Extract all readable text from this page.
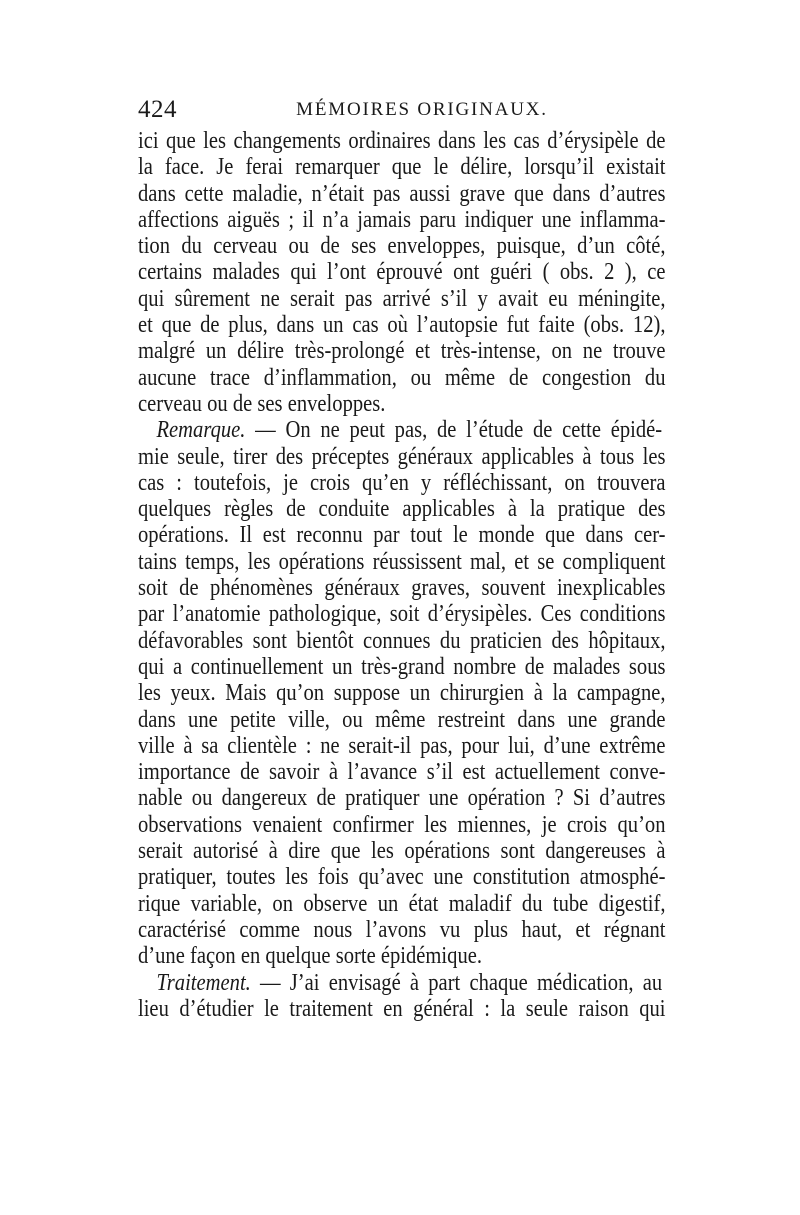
424	MÉMOIRES ORIGINAUX.
ici que les changements ordinaires dans les cas d’érysipèle de
la face. Je ferai remarquer que le délire, lorsqu’il existait
dans cette maladie, n’était pas aussi grave que dans d’autres
affections aiguës ; il n’a jamais paru indiquer une inflamma-
tion du cerveau ou de ses enveloppes, puisque, d’un côté,
certains malades qui l’ont éprouvé ont guéri ( obs. 2 ), ce
qui sûrement ne serait pas arrivé s’il y avait eu méningite,
et que de plus, dans un cas où l’autopsie fut faite (obs. 12),
malgré un délire très-prolongé et très-intense, on ne trouve
aucune trace d’inflammation, ou même de congestion du
cerveau ou de ses enveloppes.
Remarque. — On ne peut pas, de l’étude de cette épidé-
mie seule, tirer des préceptes généraux applicables à tous les
cas : toutefois, je crois qu’en y réfléchissant, on trouvera
quelques règles de conduite applicables à la pratique des
opérations. Il est reconnu par tout le monde que dans cer-
tains temps, les opérations réussissent mal, et se compliquent
soit de phénomènes généraux graves, souvent inexplicables
par l’anatomie pathologique, soit d’érysipèles. Ces conditions
défavorables sont bientôt connues du praticien des hôpitaux,
qui a continuellement un très-grand nombre de malades sous
les yeux. Mais qu’on suppose un chirurgien à la campagne,
dans une petite ville, ou même restreint dans une grande
ville à sa clientèle : ne serait-il pas, pour lui, d’une extrême
importance de savoir à l’avance s’il est actuellement conve-
nable ou dangereux de pratiquer une opération ? Si d’autres
observations venaient confirmer les miennes, je crois qu’on
serait autorisé à dire que les opérations sont dangereuses à
pratiquer, toutes les fois qu’avec une constitution atmosphé-
rique variable, on observe un état maladif du tube digestif,
caractérisé comme nous l’avons vu plus haut, et régnant
d’une façon en quelque sorte épidémique.
Traitement. — J’ai envisagé à part chaque médication, au
lieu d’étudier le traitement en général : la seule raison qui
